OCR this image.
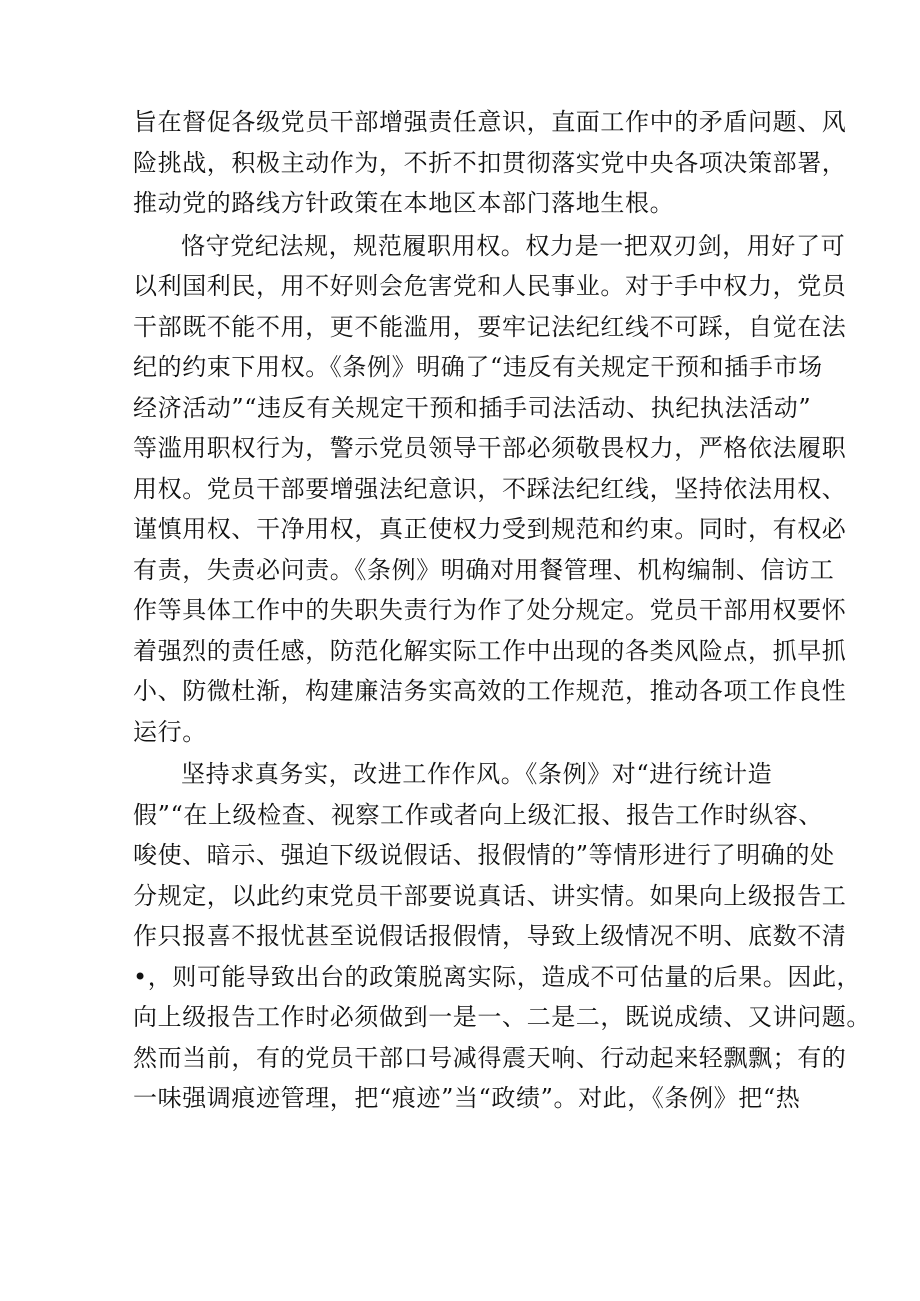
旨在督促各级党员干部增强责任意识，直面工作中的矛盾问题、风
险挑战，积极主动作为，不折不扣贯彻落实党中央各项决策部署，
推动党的路线方针政策在本地区本部门落地生根。
恪守党纪法规，规范履职用权。权力是一把双刃剑，用好了可
以利国利民，用不好则会危害党和人民事业。对于手中权力，党员
干部既不能不用，更不能滥用，要牢记法纪红线不可踩，自觉在法
纪的约束下用权。《条例》明确了“违反有关规定干预和插手市场
经济活动”“违反有关规定干预和插手司法活动、执纪执法活动”
等滥用职权行为，警示党员领导干部必须敬畏权力，严格依法履职
用权。党员干部要增强法纪意识，不踩法纪红线，坚持依法用权、
谨慎用权、干净用权，真正使权力受到规范和约束。同时，有权必
有责，失责必问责。《条例》明确对用餐管理、机构编制、信访工
作等具体工作中的失职失责行为作了处分规定。党员干部用权要怀
着强烈的责任感，防范化解实际工作中出现的各类风险点，抓早抓
小、防微杜渐，构建廉洁务实高效的工作规范，推动各项工作良性
运行。
坚持求真务实，改进工作作风。《条例》对“进行统计造
假”“在上级检查、视察工作或者向上级汇报、报告工作时纵容、
唆使、暗示、强迫下级说假话、报假情的”等情形进行了明确的处
分规定，以此约束党员干部要说真话、讲实情。如果向上级报告工
作只报喜不报忧甚至说假话报假情，导致上级情况不明、底数不清
•，则可能导致出台的政策脱离实际，造成不可估量的后果。因此，
向上级报告工作时必须做到一是一、二是二，既说成绩、又讲问题。
然而当前，有的党员干部口号减得震天响、行动起来轻飘飘；有的
一味强调痕迹管理，把“痕迹”当“政绩”。对此，《条例》把“热
